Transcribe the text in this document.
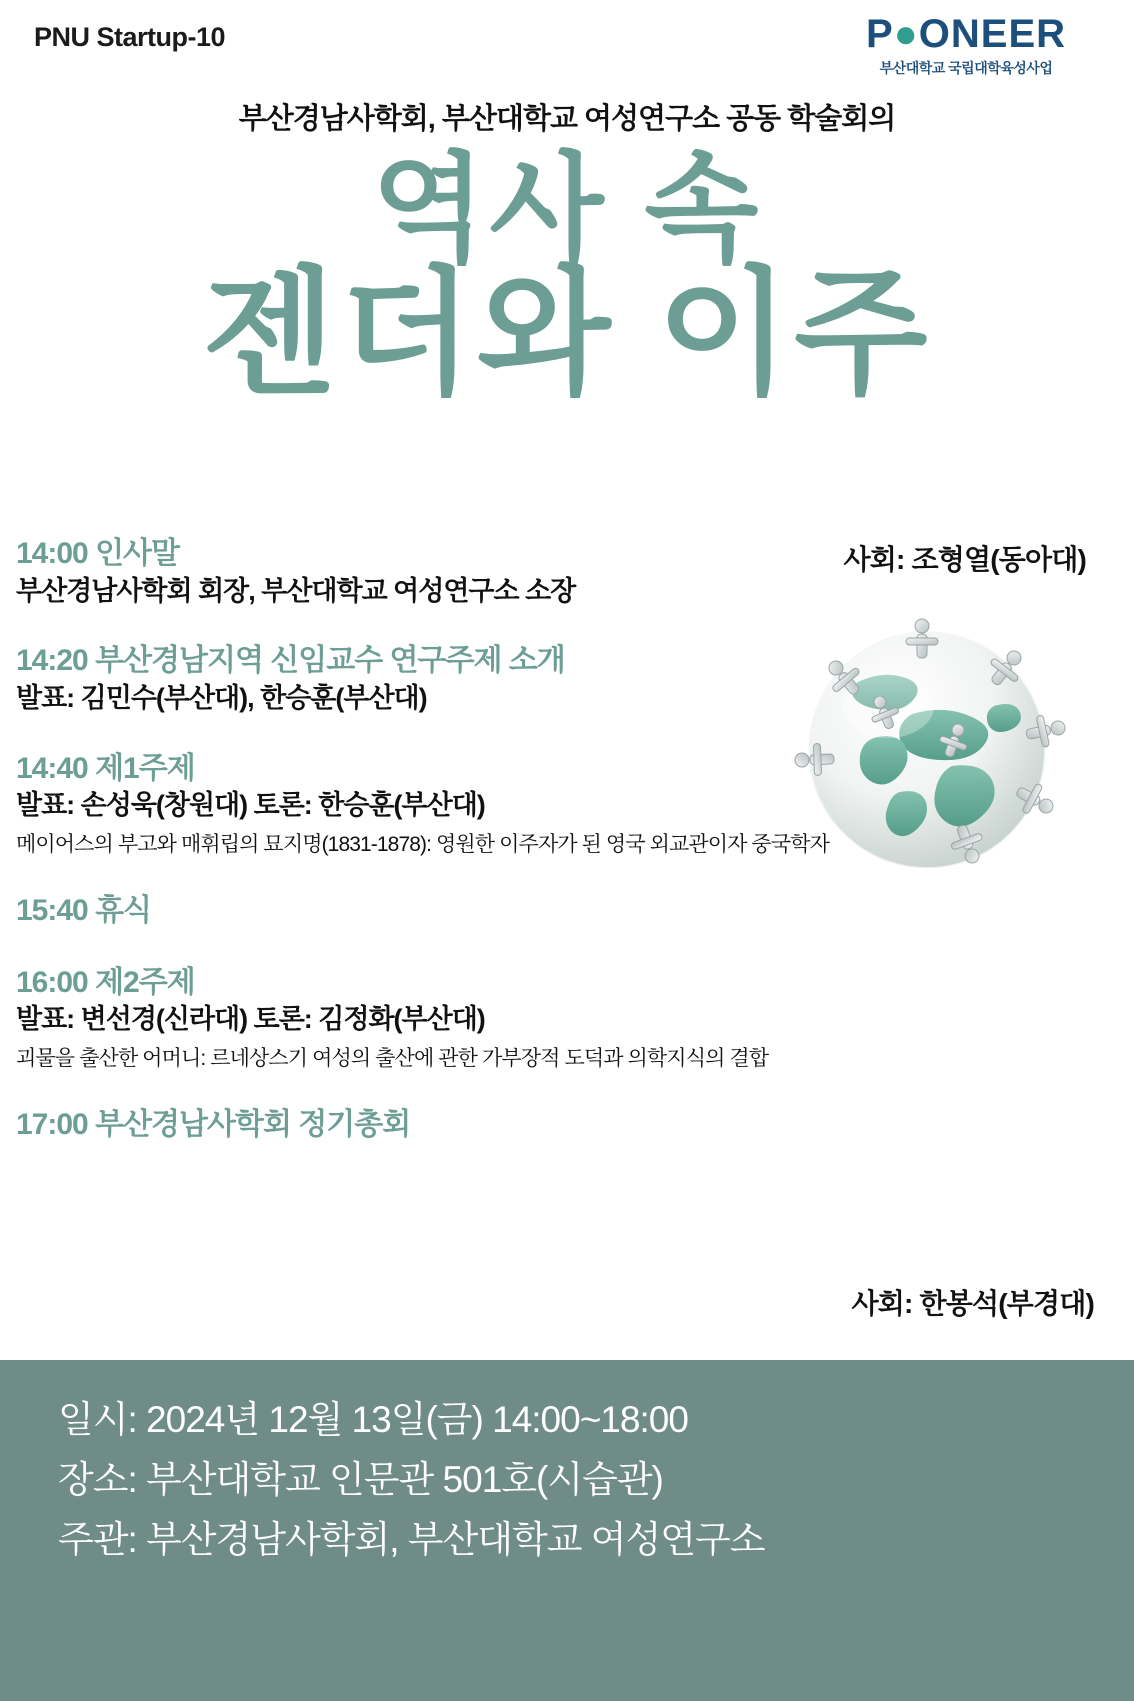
PNU Startup-10	P●ONEER
부산대학교 국립대학육성사업
부산경남사학회, 부산대학교 여성연구소 공동 학술회의
역사 속
젠더와 이주
사회: 조형열(동아대)
사회: 한봉석(부경대)
14:00 인사말
부산경남사학회 회장, 부산대학교 여성연구소 소장
14:20 부산경남지역 신임교수 연구주제 소개
발표: 김민수(부산대), 한승훈(부산대)
14:40 제1주제
발표: 손성욱(창원대) 토론: 한승훈(부산대)
메이어스의 부고와 매휘립의 묘지명(1831-1878): 영원한 이주자가 된 영국 외교관이자 중국학자
15:40 휴식
16:00 제2주제
발표: 변선경(신라대) 토론: 김정화(부산대)
괴물을 출산한 어머니: 르네상스기 여성의 출산에 관한 가부장적 도덕과 의학지식의 결합
17:00 부산경남사학회 정기총회
일시: 2024년 12월 13일(금) 14:00~18:00
장소: 부산대학교 인문관 501호(시습관)
주관: 부산경남사학회, 부산대학교 여성연구소
